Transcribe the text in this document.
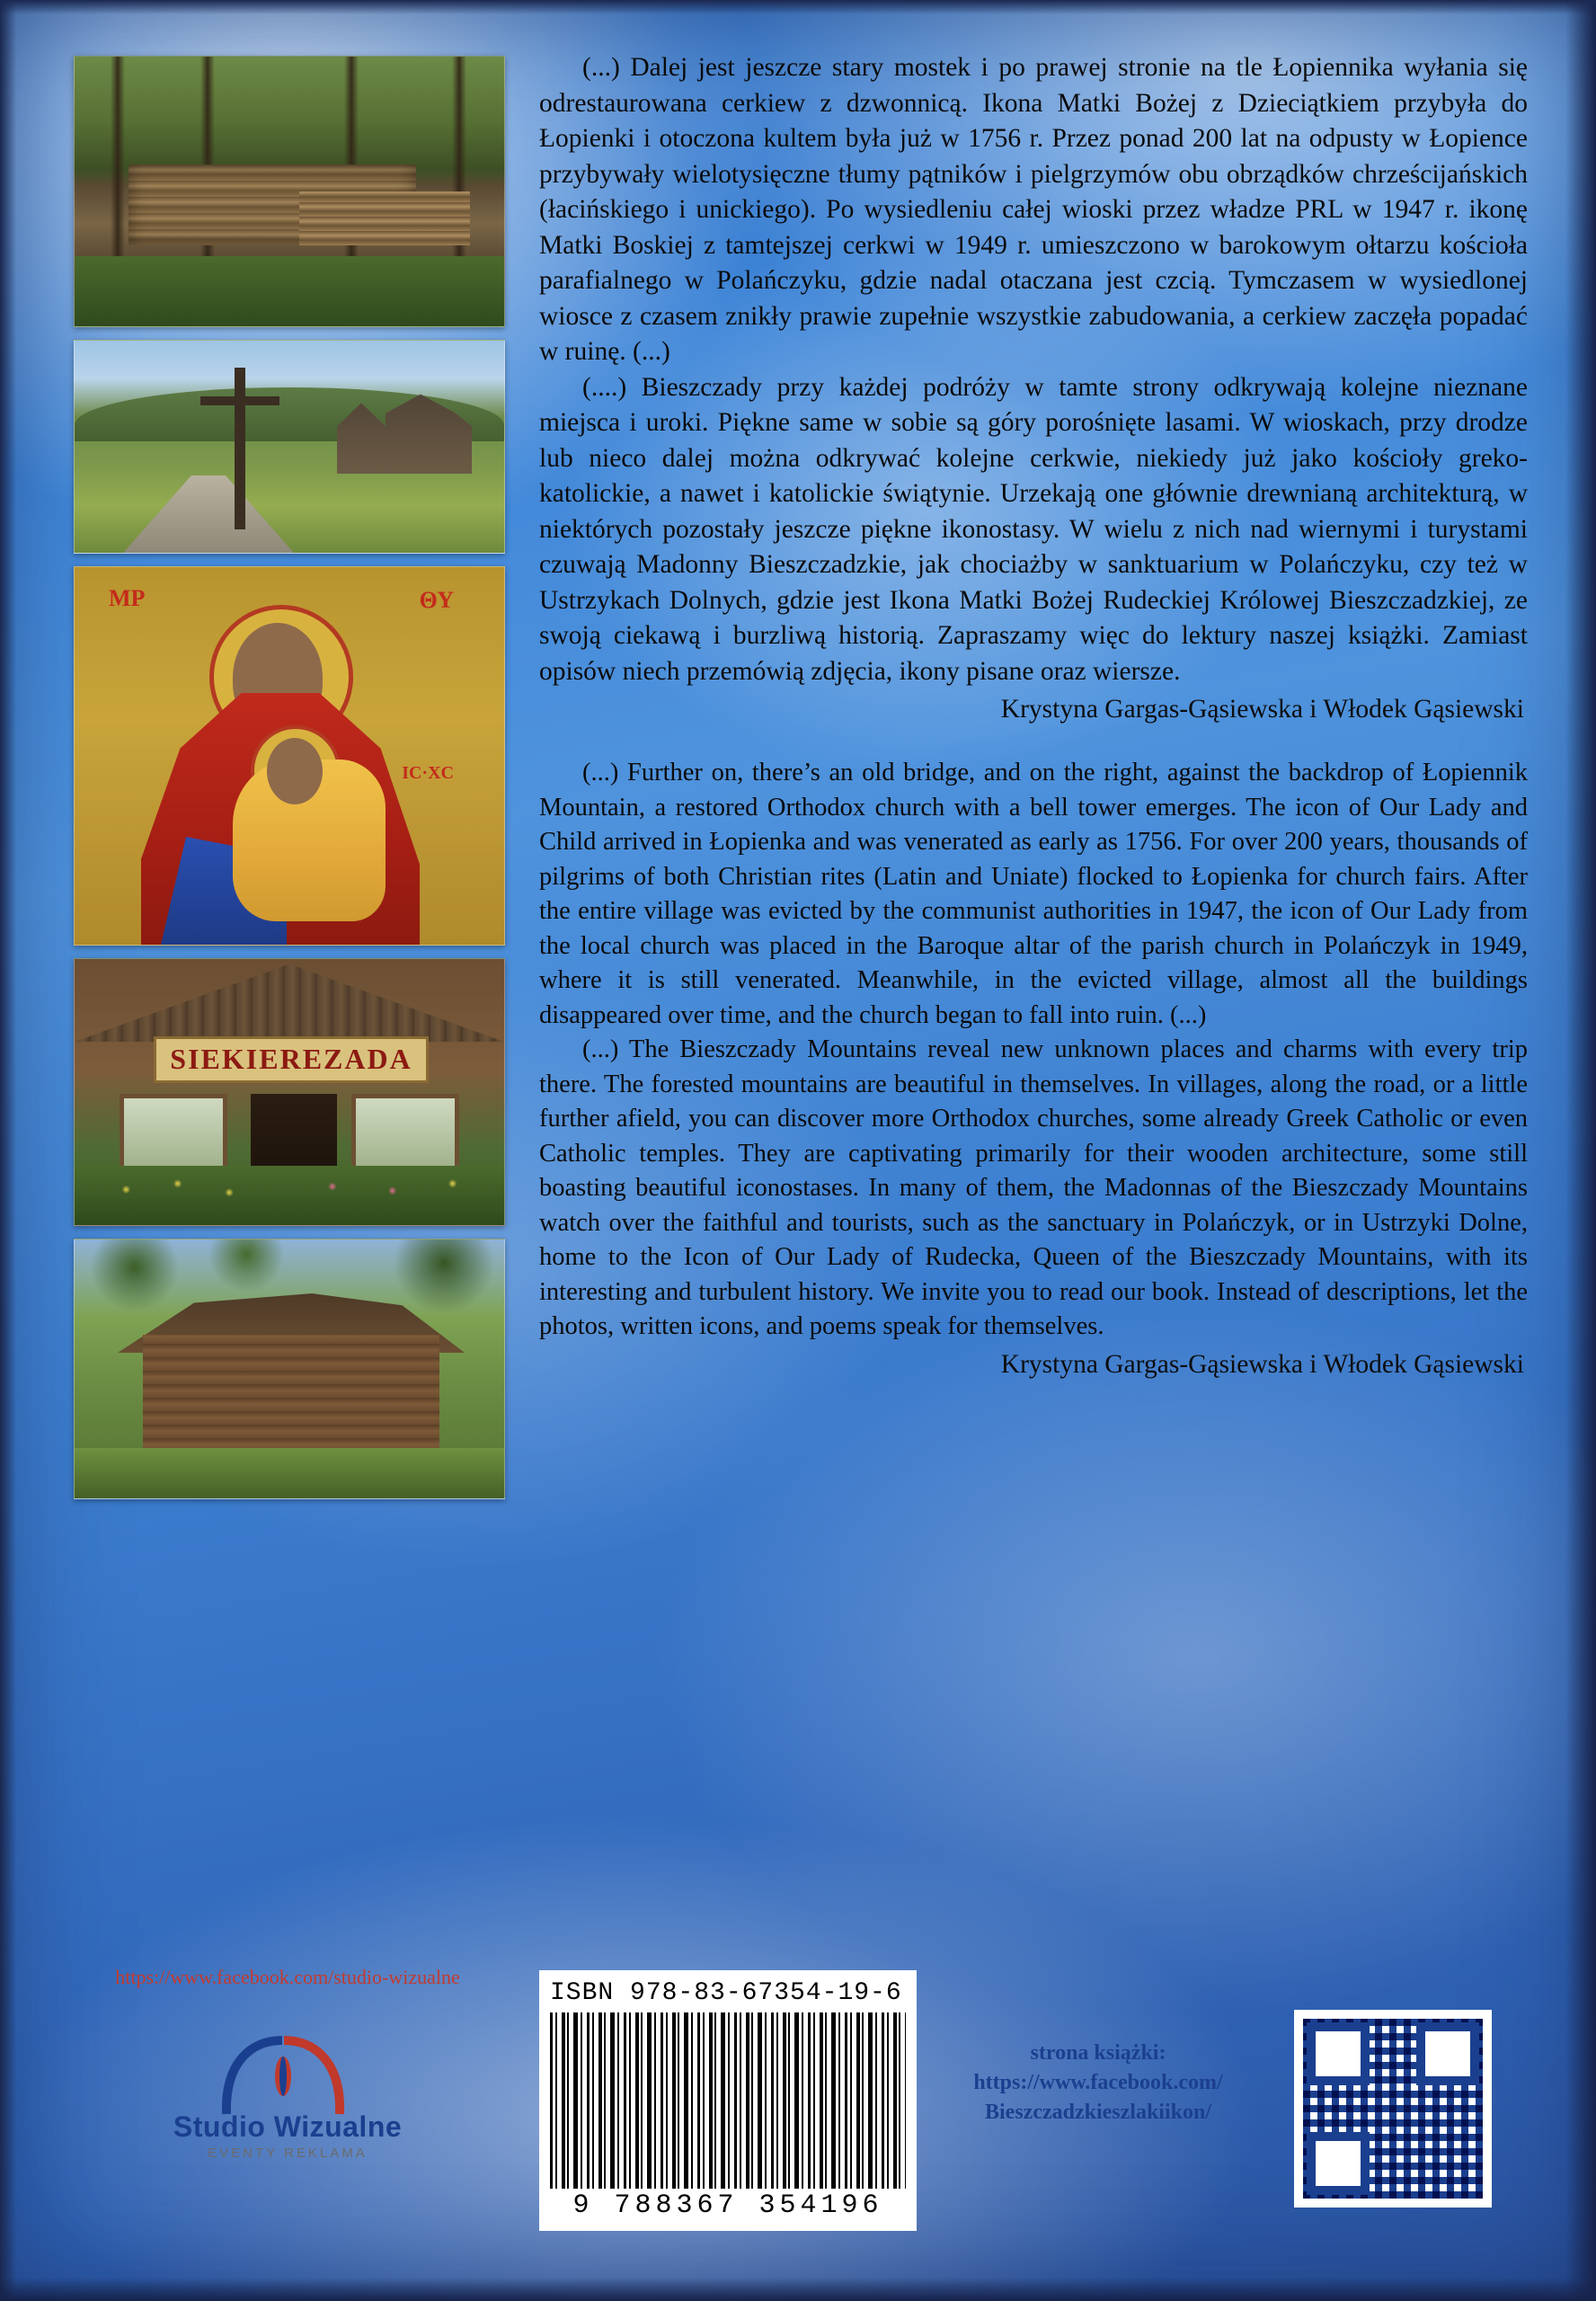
МР	ΘΥ
IC·XC
SIEKIEREZADA
https://www.facebook.com/studio-wizualne
Studio Wizualne
EVENTY REKLAMA

(...) Dalej jest jeszcze stary mostek i po prawej stronie na tle Łopiennika wyłania się odrestaurowana cerkiew z dzwonnicą. Ikona Matki Bożej z Dzieciątkiem przybyła do Łopienki i otoczona kultem była już w 1756 r. Przez ponad 200 lat na odpusty w Łopience przybywały wielotysięczne tłumy pątników i pielgrzymów obu obrządków chrześcijańskich (łacińskiego i unickiego). Po wysiedleniu całej wioski przez władze PRL w 1947 r. ikonę Matki Boskiej z tamtejszej cerkwi w 1949 r. umieszczono w barokowym ołtarzu kościoła parafialnego w Polańczyku, gdzie nadal otaczana jest czcią. Tymczasem w wysiedlonej wiosce z czasem znikły prawie zupełnie wszystkie zabudowania, a cerkiew zaczęła popadać w ruinę. (...)

(....) Bieszczady przy każdej podróży w tamte strony odkrywają kolejne nieznane miejsca i uroki. Piękne same w sobie są góry porośnięte lasami. W wioskach, przy drodze lub nieco dalej można odkrywać kolejne cerkwie, niekiedy już jako kościoły greko-katolickie, a nawet i katolickie świątynie. Urzekają one głównie drewnianą architekturą, w niektórych pozostały jeszcze piękne ikonostasy. W wielu z nich nad wiernymi i turystami czuwają Madonny Bieszczadzkie, jak chociażby w sanktuarium w Polańczyku, czy też w Ustrzykach Dolnych, gdzie jest Ikona Matki Bożej Rudeckiej Królowej Bieszczadzkiej, ze swoją ciekawą i burzliwą historią. Zapraszamy więc do lektury naszej książki. Zamiast opisów niech przemówią zdjęcia, ikony pisane oraz wiersze.

Krystyna Gargas-Gąsiewska i Włodek Gąsiewski

(...) Further on, there’s an old bridge, and on the right, against the backdrop of Łopiennik Mountain, a restored Orthodox church with a bell tower emerges. The icon of Our Lady and Child arrived in Łopienka and was venerated as early as 1756. For over 200 years, thousands of pilgrims of both Christian rites (Latin and Uniate) flocked to Łopienka for church fairs. After the entire village was evicted by the communist authorities in 1947, the icon of Our Lady from the local church was placed in the Baroque altar of the parish church in Polańczyk in 1949, where it is still venerated. Meanwhile, in the evicted village, almost all the buildings disappeared over time, and the church began to fall into ruin. (...)

(...) The Bieszczady Mountains reveal new unknown places and charms with every trip there. The forested mountains are beautiful in themselves. In villages, along the road, or a little further afield, you can discover more Orthodox churches, some already Greek Catholic or even Catholic temples. They are captivating primarily for their wooden architecture, some still boasting beautiful iconostases. In many of them, the Madonnas of the Bieszczady Mountains watch over the faithful and tourists, such as the sanctuary in Polańczyk, or in Ustrzyki Dolne, home to the Icon of Our Lady of Rudecka, Queen of the Bieszczady Mountains, with its interesting and turbulent history. We invite you to read our book. Instead of descriptions, let the photos, written icons, and poems speak for themselves.

Krystyna Gargas-Gąsiewska i Włodek Gąsiewski

ISBN 978-83-67354-19-6
9 788367 354196
strona książki:
https://www.facebook.com/
Bieszczadzkieszlakiikon/
